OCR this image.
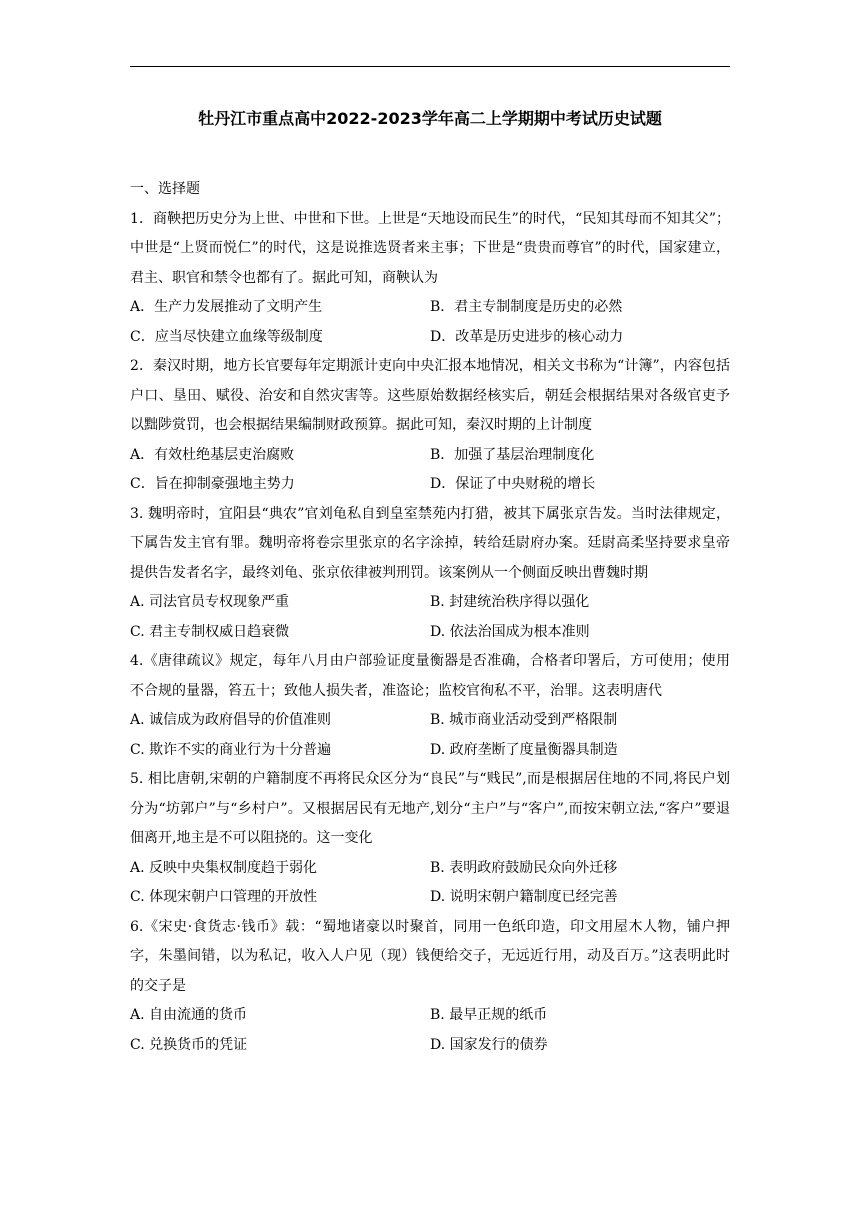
牡丹江市重点高中2022-2023学年高二上学期期中考试历史试题

一、选择题

1．商鞅把历史分为上世、中世和下世。上世是“天地设而民生”的时代，“民知其母而不知其父”；中世是“上贤而悦仁”的时代，这是说推选贤者来主事；下世是“贵贵而尊官”的时代，国家建立，君主、职官和禁令也都有了。据此可知，商鞅认为

A．生产力发展推动了文明产生	B．君主专制制度是历史的必然
C．应当尽快建立血缘等级制度	D．改革是历史进步的核心动力

2．秦汉时期，地方长官要每年定期派计吏向中央汇报本地情况，相关文书称为“计簿”，内容包括户口、垦田、赋役、治安和自然灾害等。这些原始数据经核实后，朝廷会根据结果对各级官吏予以黜陟赏罚，也会根据结果编制财政预算。据此可知，秦汉时期的上计制度

A．有效杜绝基层吏治腐败	B．加强了基层治理制度化
C．旨在抑制豪强地主势力	D．保证了中央财税的增长

3. 魏明帝时，宜阳县“典农”官刘龟私自到皇室禁苑内打猎，被其下属张京告发。当时法律规定，下属告发主官有罪。魏明帝将卷宗里张京的名字涂掉，转给廷尉府办案。廷尉高柔坚持要求皇帝提供告发者名字，最终刘龟、张京依律被判刑罚。该案例从一个侧面反映出曹魏时期

A. 司法官员专权现象严重	B. 封建统治秩序得以强化
C. 君主专制权威日趋衰微	D. 依法治国成为根本准则

4.《唐律疏议》规定，每年八月由户部验证度量衡器是否准确，合格者印署后，方可使用；使用不合规的量器，笞五十；致他人损失者，准盗论；监校官徇私不平，治罪。这表明唐代

A. 诚信成为政府倡导的价值准则	B. 城市商业活动受到严格限制
C. 欺诈不实的商业行为十分普遍	D. 政府垄断了度量衡器具制造

5. 相比唐朝,宋朝的户籍制度不再将民众区分为“良民”与“贱民”,而是根据居住地的不同,将民户划分为“坊郭户”与“乡村户”。又根据居民有无地产,划分“主户”与“客户”,而按宋朝立法,“客户”要退佃离开,地主是不可以阻挠的。这一变化

A. 反映中央集权制度趋于弱化	B. 表明政府鼓励民众向外迁移
C. 体现宋朝户口管理的开放性	D. 说明宋朝户籍制度已经完善

6.《宋史·食货志·钱币》载：“蜀地诸豪以时聚首，同用一色纸印造，印文用屋木人物，铺户押字，朱墨间错，以为私记，收入人户见（现）钱便给交子，无远近行用，动及百万。”这表明此时的交子是

A. 自由流通的货币	B. 最早正规的纸币
C. 兑换货币的凭证	D. 国家发行的债券
